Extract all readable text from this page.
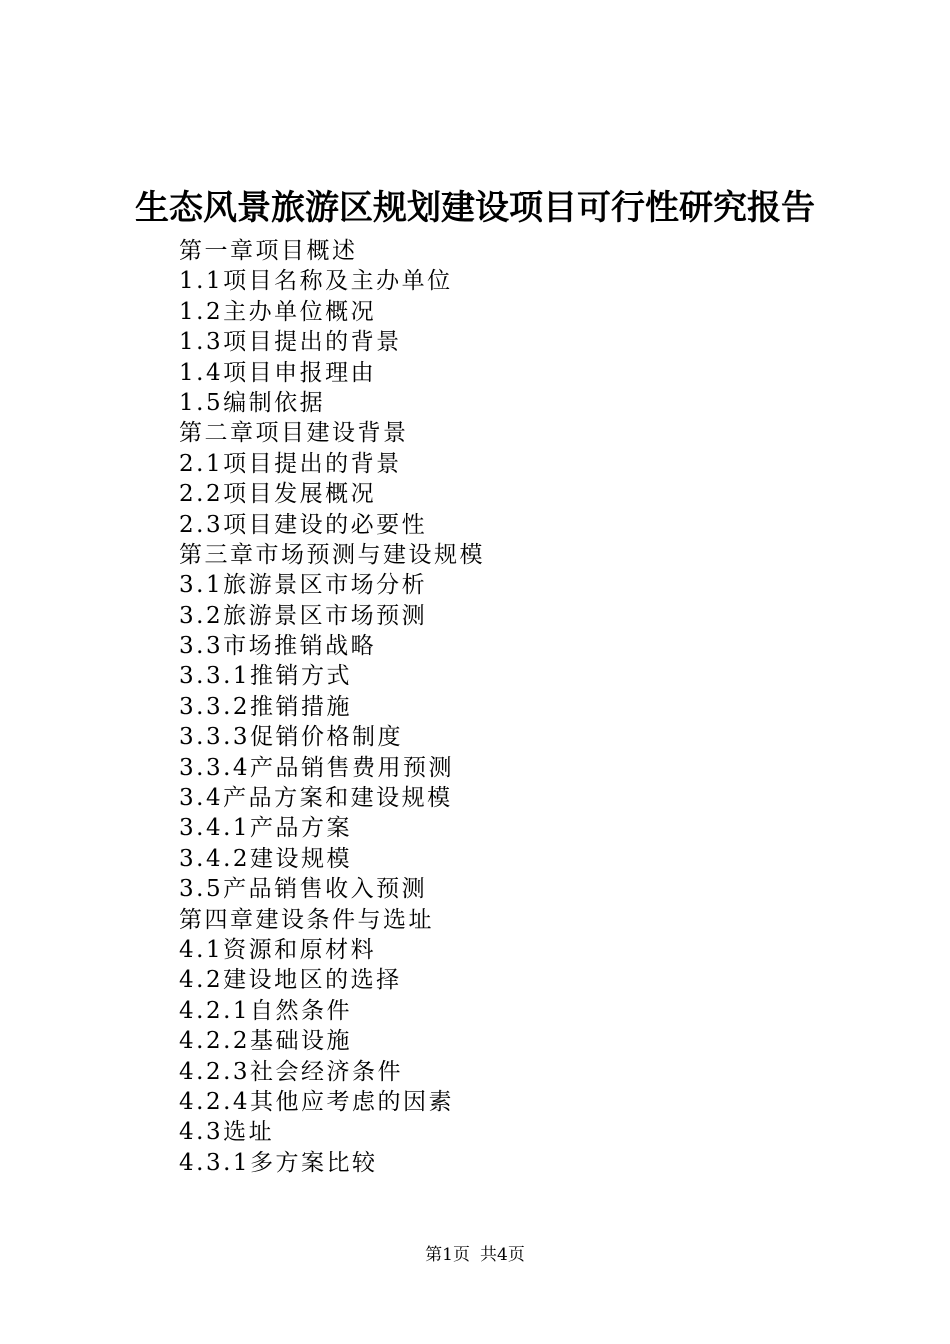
生态风景旅游区规划建设项目可行性研究报告
第一章项目概述
1.1项目名称及主办单位
1.2主办单位概况
1.3项目提出的背景
1.4项目申报理由
1.5编制依据
第二章项目建设背景
2.1项目提出的背景
2.2项目发展概况
2.3项目建设的必要性
第三章市场预测与建设规模
3.1旅游景区市场分析
3.2旅游景区市场预测
3.3市场推销战略
3.3.1推销方式
3.3.2推销措施
3.3.3促销价格制度
3.3.4产品销售费用预测
3.4产品方案和建设规模
3.4.1产品方案
3.4.2建设规模
3.5产品销售收入预测
第四章建设条件与选址
4.1资源和原材料
4.2建设地区的选择
4.2.1自然条件
4.2.2基础设施
4.2.3社会经济条件
4.2.4其他应考虑的因素
4.3选址
4.3.1多方案比较
第1页 共4页
